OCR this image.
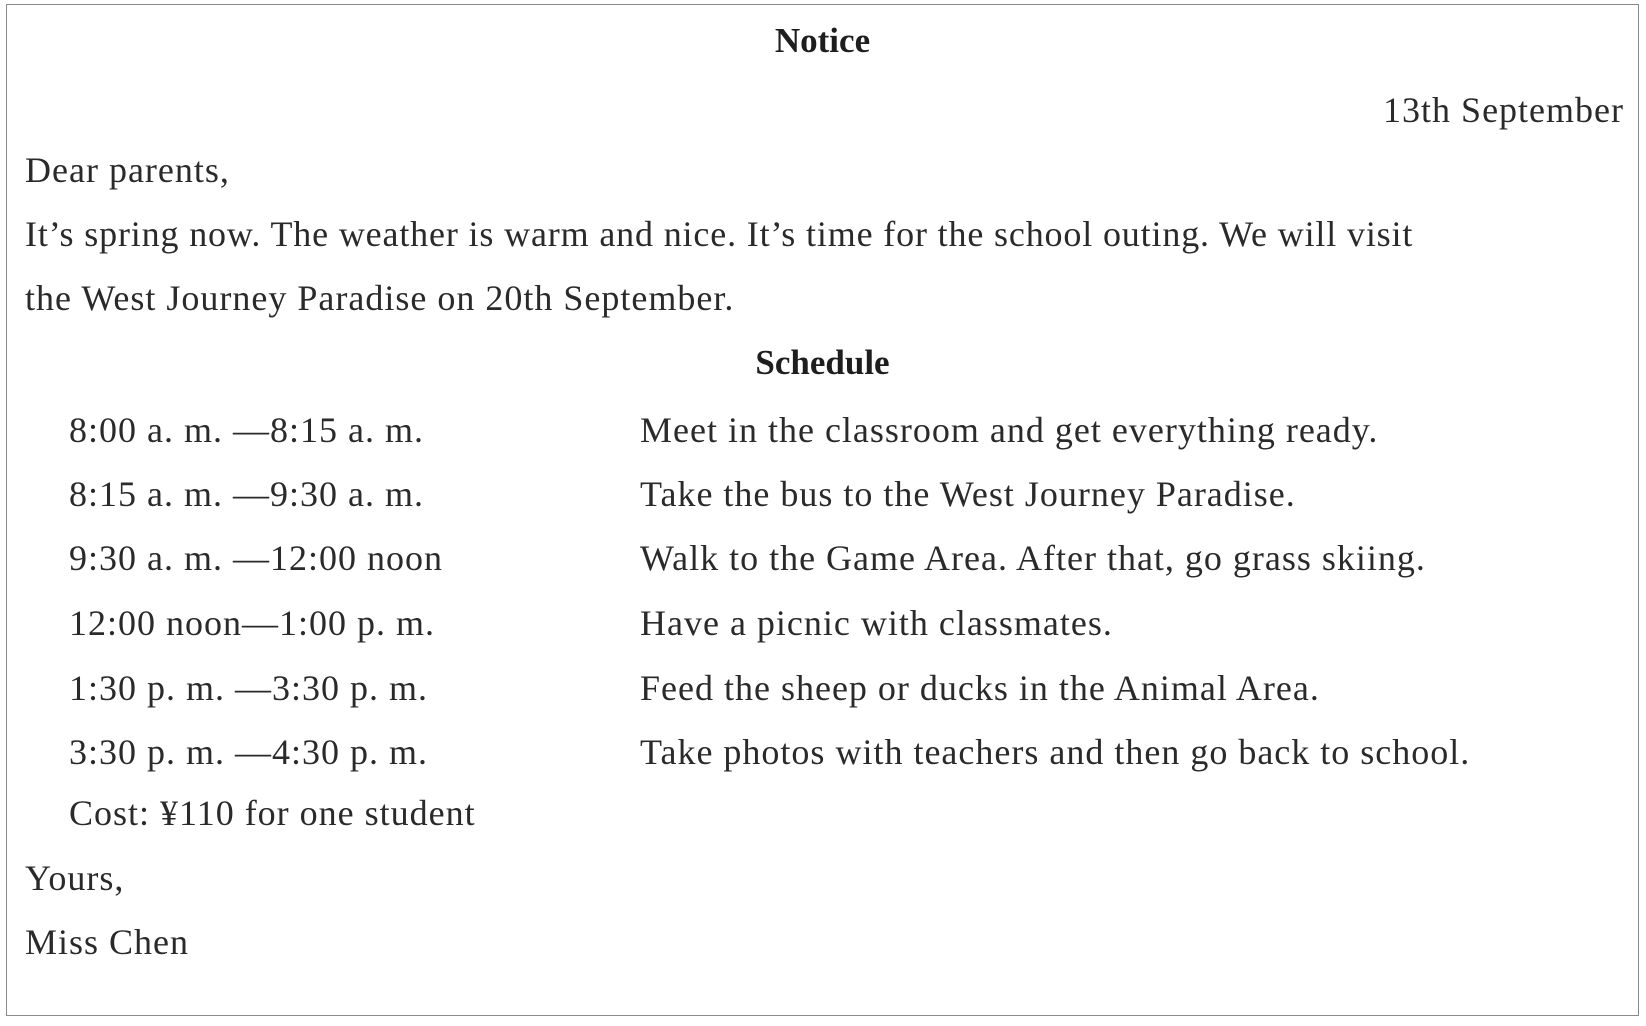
Notice
13th September
Dear parents,
It’s spring now. The weather is warm and nice. It’s time for the school outing. We will visit
the West Journey Paradise on 20th September.
Schedule
8:00 a. m. —8:15 a. m.	Meet in the classroom and get everything ready.
8:15 a. m. —9:30 a. m.	Take the bus to the West Journey Paradise.
9:30 a. m. —12:00 noon	Walk to the Game Area. After that, go grass skiing.
12:00 noon—1:00 p. m.	Have a picnic with classmates.
1:30 p. m. —3:30 p. m.	Feed the sheep or ducks in the Animal Area.
3:30 p. m. —4:30 p. m.	Take photos with teachers and then go back to school.
Cost: ¥110 for one student
Yours,
Miss Chen
